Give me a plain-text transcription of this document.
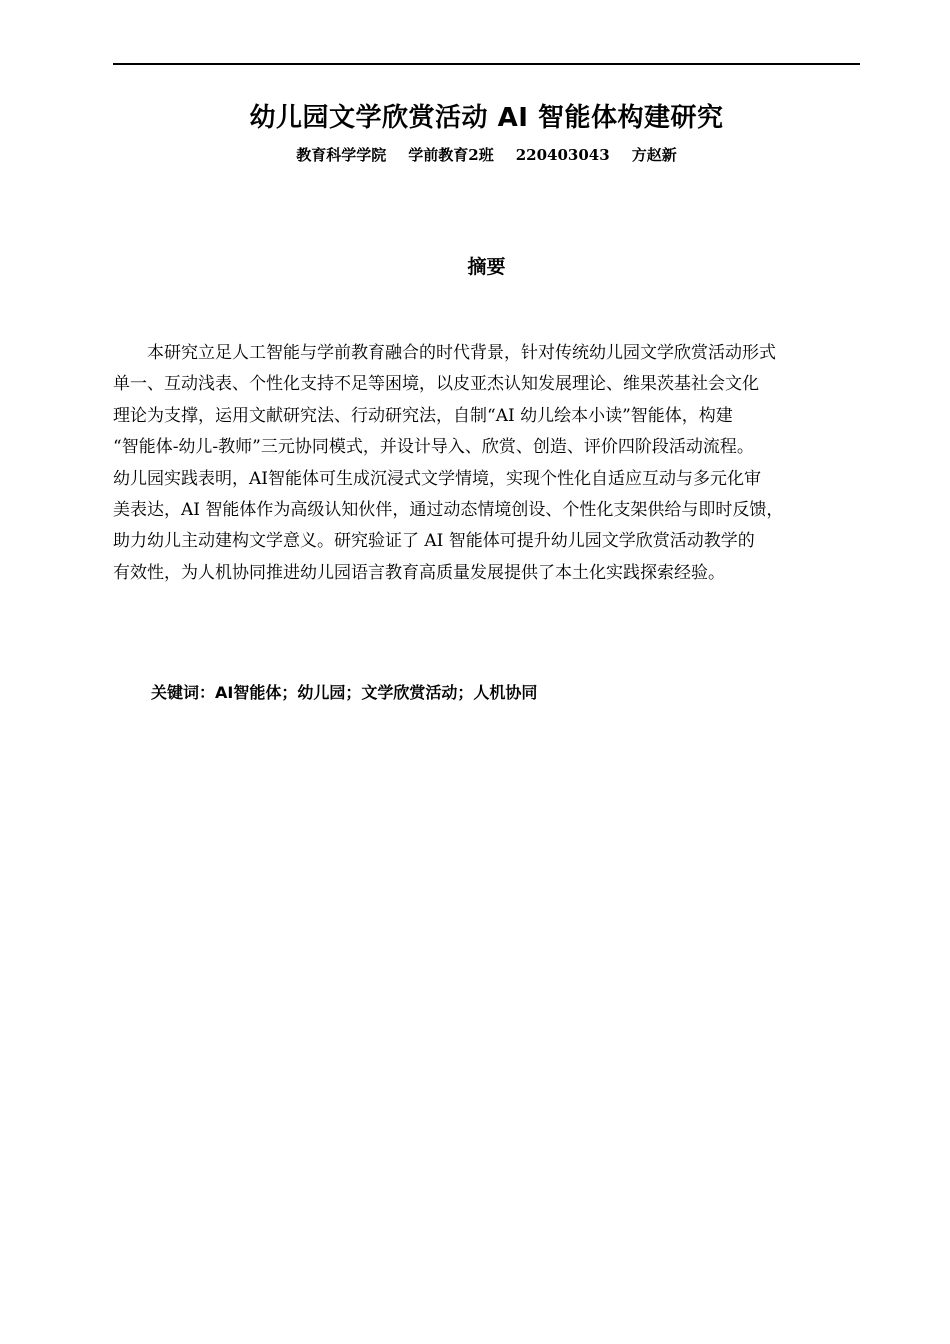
幼儿园文学欣赏活动 AI 智能体构建研究
教育科学学院 学前教育2班 220403043 方赵新
摘要
本研究立足人工智能与学前教育融合的时代背景，针对传统幼儿园文学欣赏活动形式
单一、互动浅表、个性化支持不足等困境，以皮亚杰认知发展理论、维果茨基社会文化
理论为支撑，运用文献研究法、行动研究法，自制“AI 幼儿绘本小读”智能体，构建
“智能体-幼儿-教师”三元协同模式，并设计导入、欣赏、创造、评价四阶段活动流程。
幼儿园实践表明，AI智能体可生成沉浸式文学情境，实现个性化自适应互动与多元化审
美表达，AI 智能体作为高级认知伙伴，通过动态情境创设、个性化支架供给与即时反馈，
助力幼儿主动建构文学意义。研究验证了 AI 智能体可提升幼儿园文学欣赏活动教学的
有效性，为人机协同推进幼儿园语言教育高质量发展提供了本土化实践探索经验。
关键词：AI智能体；幼儿园；文学欣赏活动；人机协同
